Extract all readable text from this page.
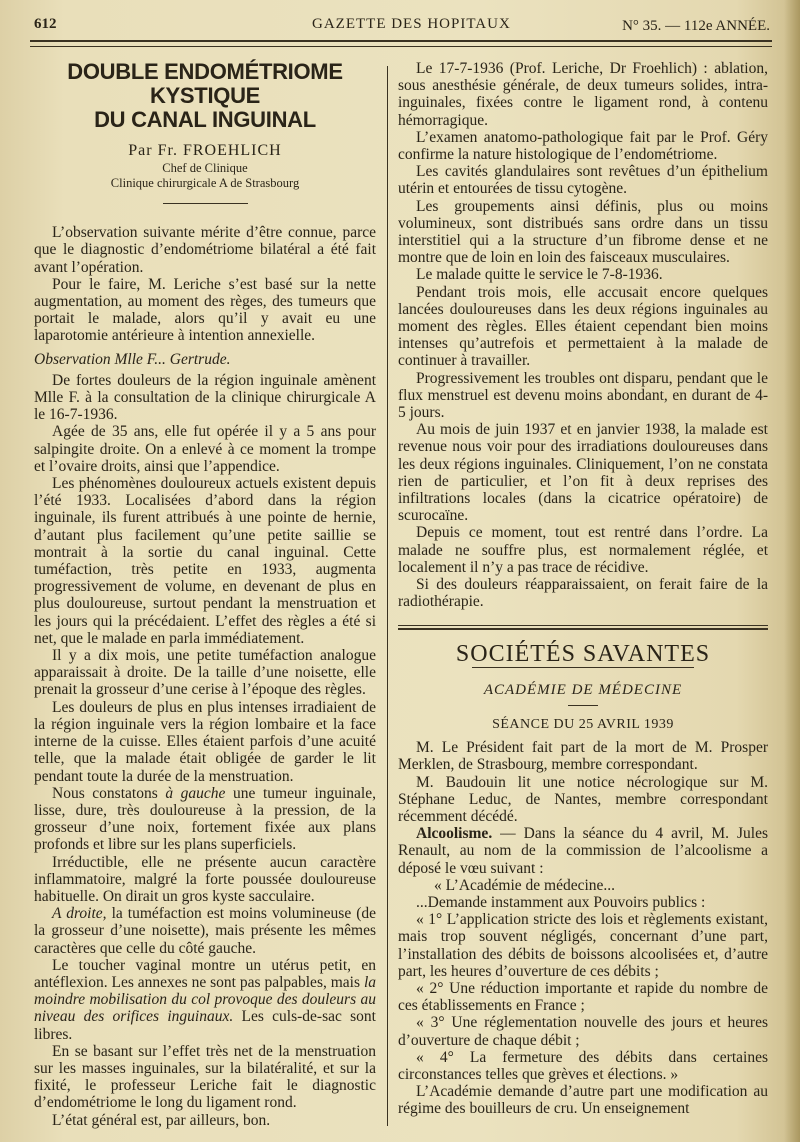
612	GAZETTE DES HOPITAUX	N° 35. — 112e ANNÉE.
DOUBLE ENDOMÉTRIOME KYSTIQUE
DU CANAL INGUINAL
Par Fr. FROEHLICH
Chef de Clinique
Clinique chirurgicale A de Strasbourg

L’observation suivante mérite d’être connue, parce que le diagnostic d’endométriome bilatéral a été fait avant l’opération.

Pour le faire, M. Leriche s’est basé sur la nette augmentation, au moment des règes, des tumeurs que portait le malade, alors qu’il y avait eu une laparotomie antérieure à intention annexielle.

Observation Mlle F... Gertrude.

De fortes douleurs de la région inguinale amènent Mlle F. à la consultation de la clinique chirurgicale A le 16-7-1936.

Agée de 35 ans, elle fut opérée il y a 5 ans pour salpingite droite. On a enlevé à ce moment la trompe et l’ovaire droits, ainsi que l’appendice.

Les phénomènes douloureux actuels existent depuis l’été 1933. Localisées d’abord dans la région inguinale, ils furent attribués à une pointe de hernie, d’autant plus facilement qu’une petite saillie se montrait à la sortie du canal inguinal. Cette tuméfaction, très petite en 1933, augmenta progressivement de volume, en devenant de plus en plus douloureuse, surtout pendant la menstruation et les jours qui la précédaient. L’effet des règles a été si net, que le malade en parla immédiatement.

Il y a dix mois, une petite tuméfaction analogue apparaissait à droite. De la taille d’une noisette, elle prenait la grosseur d’une cerise à l’époque des règles.

Les douleurs de plus en plus intenses irradiaient de la région inguinale vers la région lombaire et la face interne de la cuisse. Elles étaient parfois d’une acuité telle, que la malade était obligée de garder le lit pendant toute la durée de la menstruation.

Nous constatons à gauche une tumeur inguinale, lisse, dure, très douloureuse à la pression, de la grosseur d’une noix, fortement fixée aux plans profonds et libre sur les plans superficiels.

Irréductible, elle ne présente aucun caractère inflammatoire, malgré la forte poussée douloureuse habituelle. On dirait un gros kyste sacculaire.

A droite, la tuméfaction est moins volumineuse (de la grosseur d’une noisette), mais présente les mêmes caractères que celle du côté gauche.

Le toucher vaginal montre un utérus petit, en antéflexion. Les annexes ne sont pas palpables, mais la moindre mobilisation du col provoque des douleurs au niveau des orifices inguinaux. Les culs-de-sac sont libres.

En se basant sur l’effet très net de la menstruation sur les masses inguinales, sur la bilatéralité, et sur la fixité, le professeur Leriche fait le diagnostic d’endométriome le long du ligament rond.

L’état général est, par ailleurs, bon.

Le 17-7-1936 (Prof. Leriche, Dr Froehlich) : ablation, sous anesthésie générale, de deux tumeurs solides, intra-inguinales, fixées contre le ligament rond, à contenu hémorragique.

L’examen anatomo-pathologique fait par le Prof. Géry confirme la nature histologique de l’endométriome.

Les cavités glandulaires sont revêtues d’un épithelium utérin et entourées de tissu cytogène.

Les groupements ainsi définis, plus ou moins volumineux, sont distribués sans ordre dans un tissu interstitiel qui a la structure d’un fibrome dense et ne montre que de loin en loin des faisceaux musculaires.

Le malade quitte le service le 7-8-1936.

Pendant trois mois, elle accusait encore quelques lancées douloureuses dans les deux régions inguinales au moment des règles. Elles étaient cependant bien moins intenses qu’autrefois et permettaient à la malade de continuer à travailler.

Progressivement les troubles ont disparu, pendant que le flux menstruel est devenu moins abondant, en durant de 4-5 jours.

Au mois de juin 1937 et en janvier 1938, la malade est revenue nous voir pour des irradiations douloureuses dans les deux régions inguinales. Cliniquement, l’on ne constata rien de particulier, et l’on fit à deux reprises des infiltrations locales (dans la cicatrice opératoire) de scurocaïne.

Depuis ce moment, tout est rentré dans l’ordre. La malade ne souffre plus, est normalement réglée, et localement il n’y a pas trace de récidive.

Si des douleurs réapparaissaient, on ferait faire de la radiothérapie.

SOCIÉTÉS SAVANTES
ACADÉMIE DE MÉDECINE
SÉANCE DU 25 AVRIL 1939

M. Le Président fait part de la mort de M. Prosper Merklen, de Strasbourg, membre correspondant.

M. Baudouin lit une notice nécrologique sur M. Stéphane Leduc, de Nantes, membre correspondant récemment décédé.

Alcoolisme. — Dans la séance du 4 avril, M. Jules Renault, au nom de la commission de l’alcoolisme a déposé le vœu suivant :

« L’Académie de médecine...

...Demande instamment aux Pouvoirs publics :

« 1° L’application stricte des lois et règlements existant, mais trop souvent négligés, concernant d’une part, l’installation des débits de boissons alcoolisées et, d’autre part, les heures d’ouverture de ces débits ;

« 2° Une réduction importante et rapide du nombre de ces établissements en France ;

« 3° Une réglementation nouvelle des jours et heures d’ouverture de chaque débit ;

« 4° La fermeture des débits dans certaines circonstances telles que grèves et élections. »

L’Académie demande d’autre part une modification au régime des bouilleurs de cru. Un enseignement
